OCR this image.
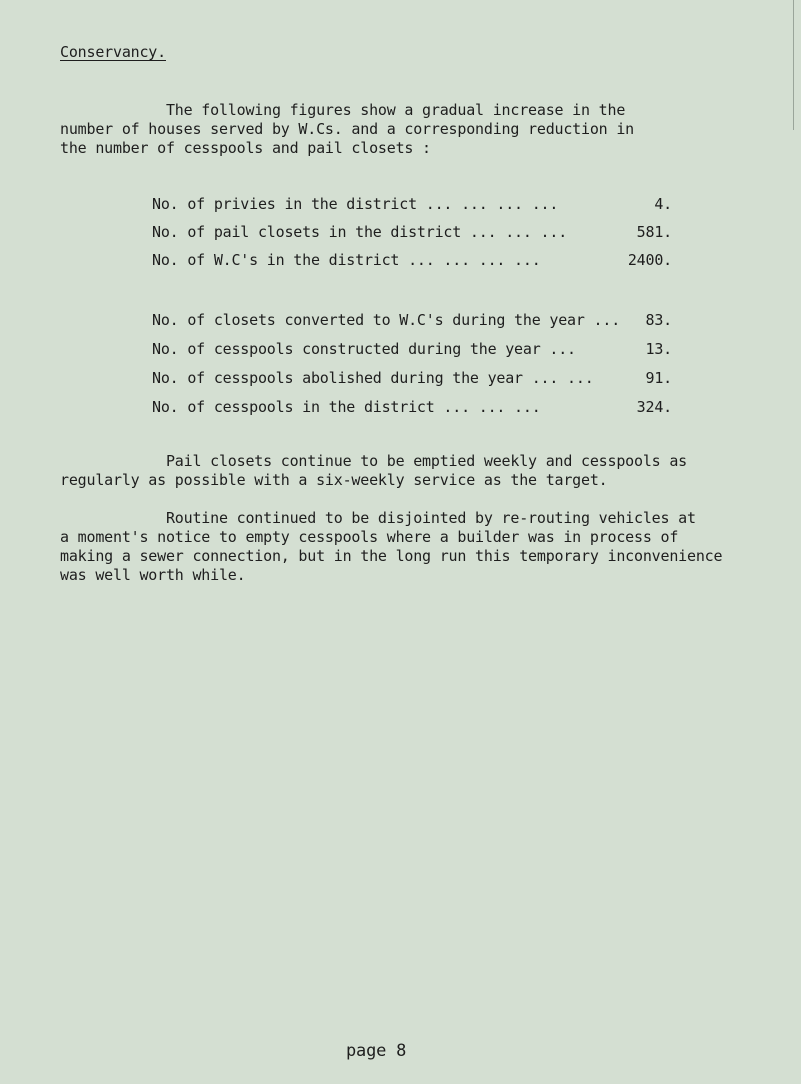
Conservancy.
The following figures show a gradual increase in the
number of houses served by W.Cs. and a corresponding reduction in
the number of cesspools and pail closets :
No. of privies in the district ... ... ... ...	4.
No. of pail closets in the district ... ... ...	581.
No. of W.C's in the district ... ... ... ...	2400.
No. of closets converted to W.C's during the year ... 83.
No. of cesspools constructed during the year ...	13.
No. of cesspools abolished during the year ... ...	91.
No. of cesspools in the district ... ... ...	324.
Pail closets continue to be emptied weekly and cesspools as
regularly as possible with a six-weekly service as the target.
Routine continued to be disjointed by re-routing vehicles at
a moment's notice to empty cesspools where a builder was in process of
making a sewer connection, but in the long run this temporary inconvenience
was well worth while.
page 8
